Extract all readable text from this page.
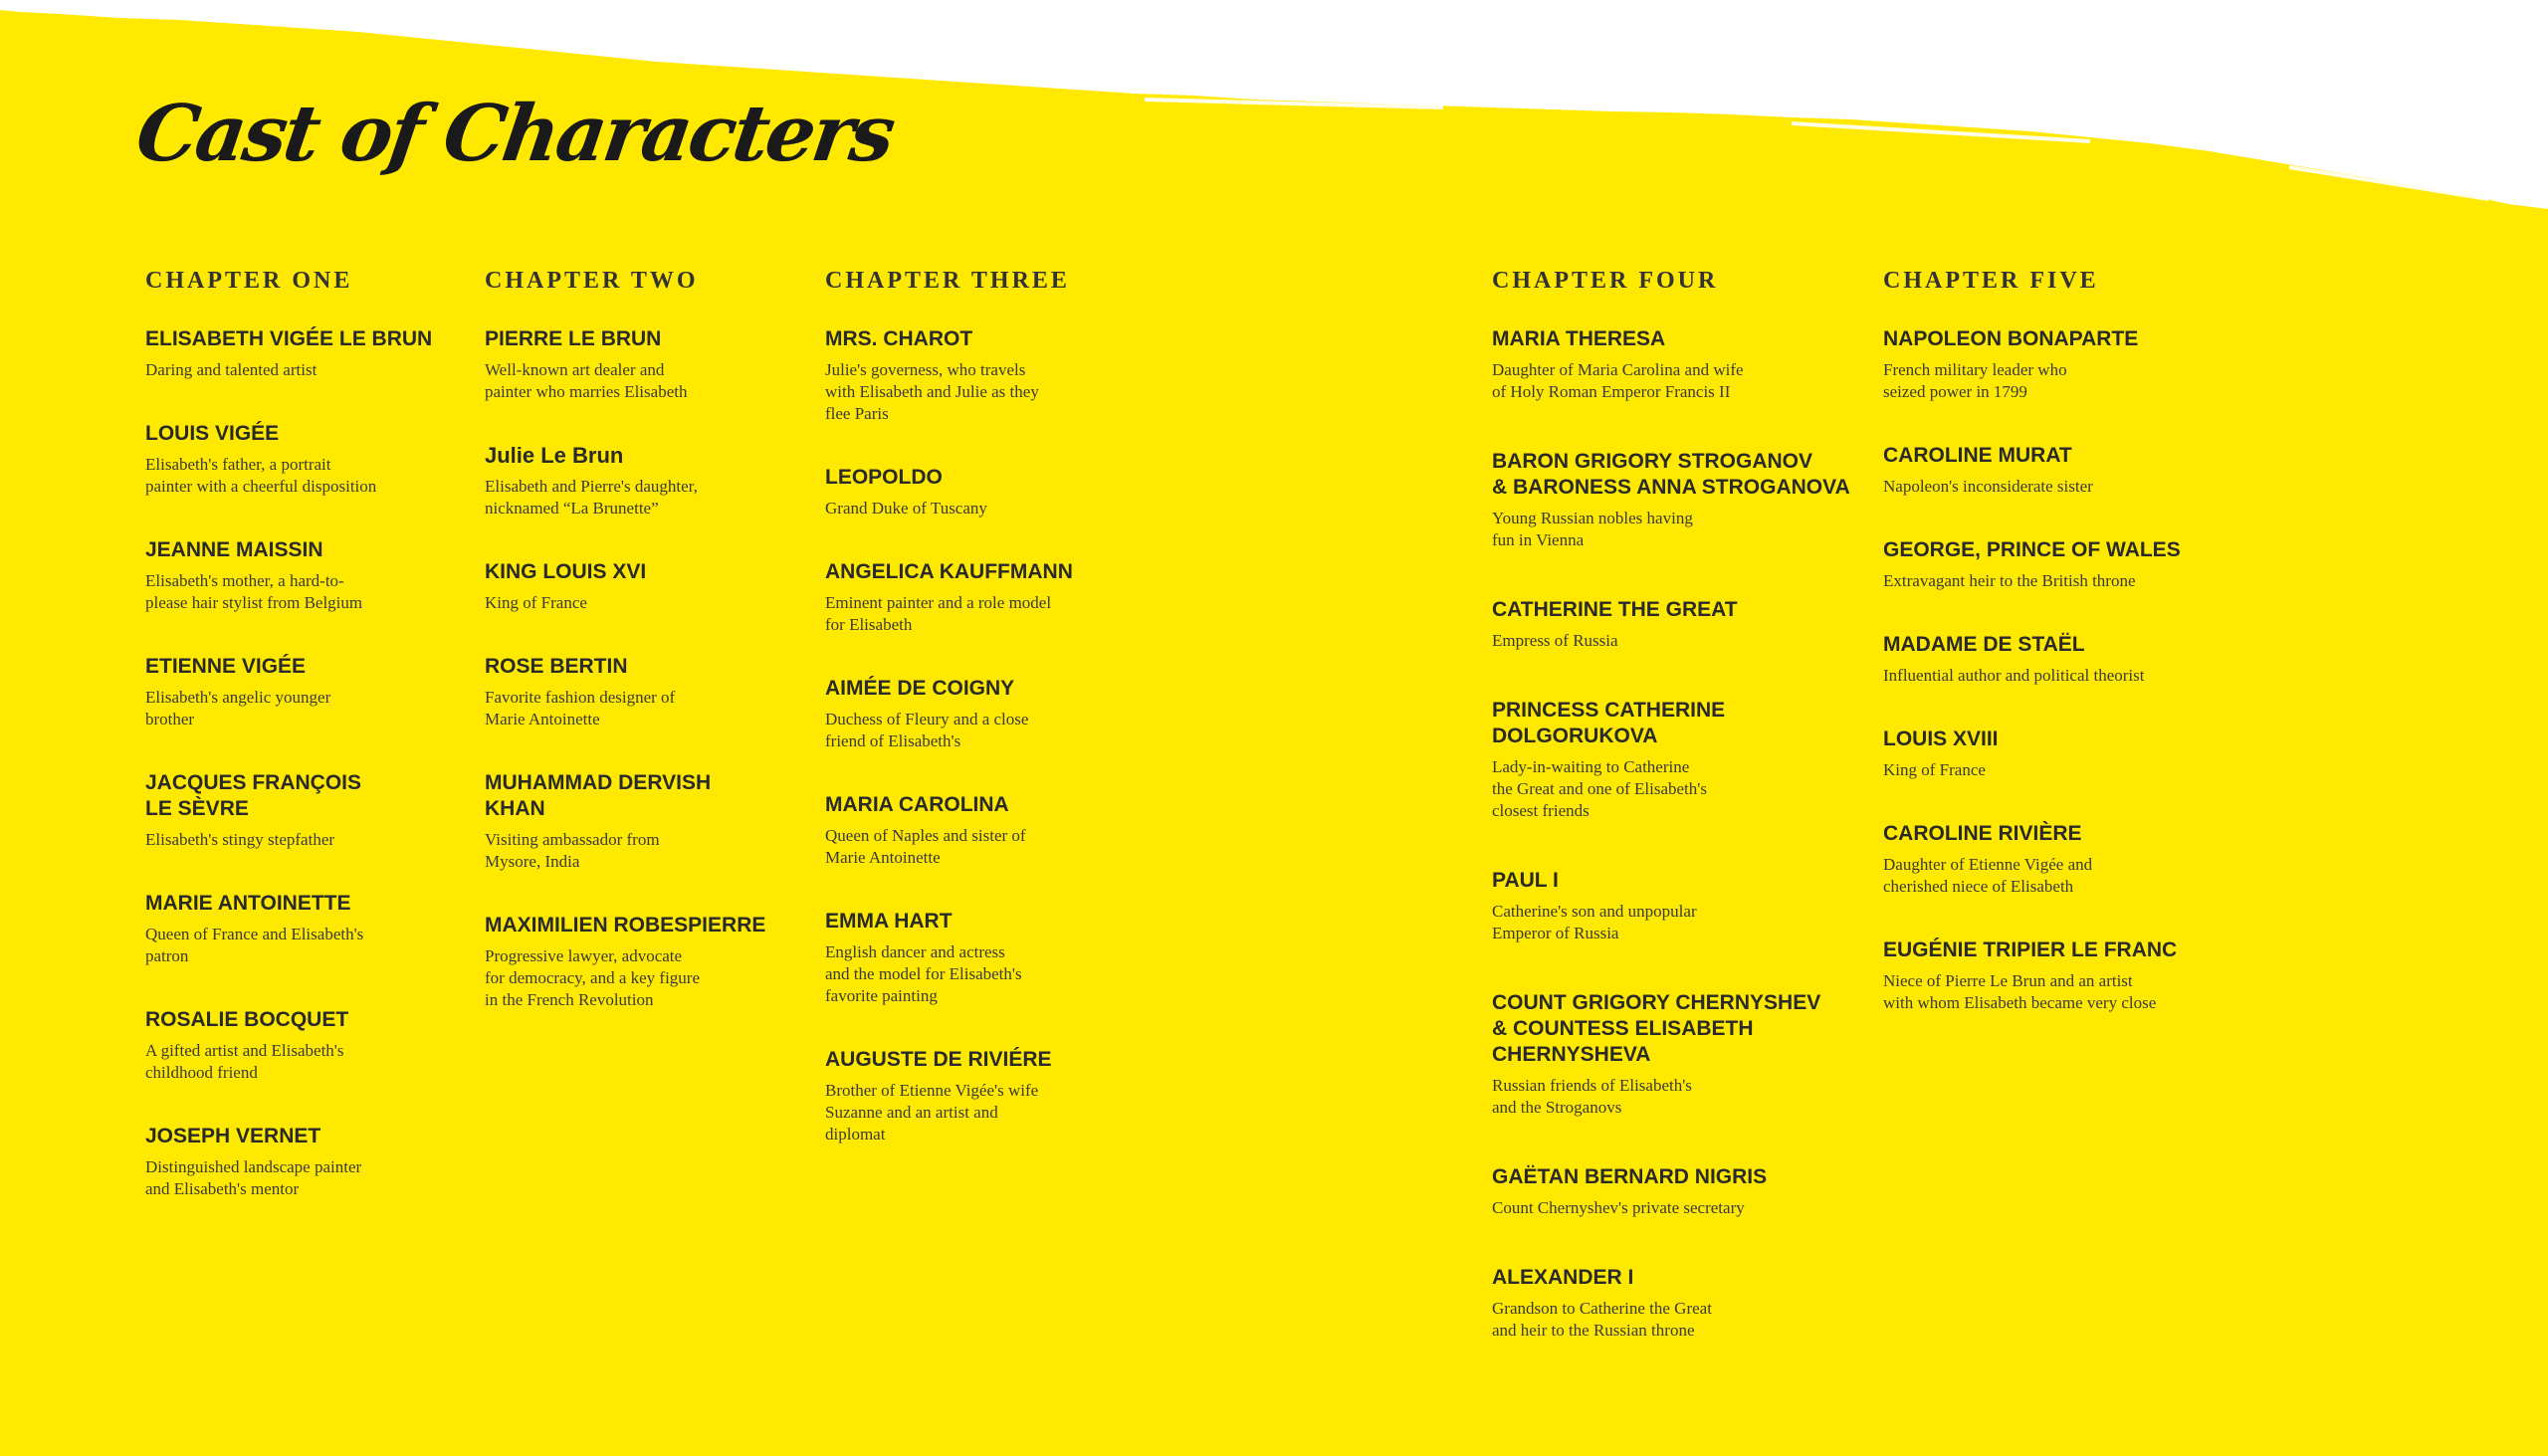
Cast of Characters
CHAPTER ONE
ELISABETH VIGÉE LE BRUN
Daring and talented artist
LOUIS VIGÉE
Elisabeth's father, a portrait
painter with a cheerful disposition
JEANNE MAISSIN
Elisabeth's mother, a hard-to-
please hair stylist from Belgium
ETIENNE VIGÉE
Elisabeth's angelic younger
brother
JACQUES FRANÇOIS
LE SÈVRE
Elisabeth's stingy stepfather
MARIE ANTOINETTE
Queen of France and Elisabeth's
patron
ROSALIE BOCQUET
A gifted artist and Elisabeth's
childhood friend
JOSEPH VERNET
Distinguished landscape painter
and Elisabeth's mentor
CHAPTER TWO
PIERRE LE BRUN
Well-known art dealer and
painter who marries Elisabeth
Julie Le Brun
Elisabeth and Pierre's daughter,
nicknamed “La Brunette”
KING LOUIS XVI
King of France
ROSE BERTIN
Favorite fashion designer of
Marie Antoinette
MUHAMMAD DERVISH
KHAN
Visiting ambassador from
Mysore, India
MAXIMILIEN ROBESPIERRE
Progressive lawyer, advocate
for democracy, and a key figure
in the French Revolution
CHAPTER THREE
MRS. CHAROT
Julie's governess, who travels
with Elisabeth and Julie as they
flee Paris
LEOPOLDO
Grand Duke of Tuscany
ANGELICA KAUFFMANN
Eminent painter and a role model
for Elisabeth
AIMÉE DE COIGNY
Duchess of Fleury and a close
friend of Elisabeth's
MARIA CAROLINA
Queen of Naples and sister of
Marie Antoinette
EMMA HART
English dancer and actress
and the model for Elisabeth's
favorite painting
AUGUSTE DE RIVIÉRE
Brother of Etienne Vigée's wife
Suzanne and an artist and
diplomat
CHAPTER FOUR
MARIA THERESA
Daughter of Maria Carolina and wife
of Holy Roman Emperor Francis II
BARON GRIGORY STROGANOV
& BARONESS ANNA STROGANOVA
Young Russian nobles having
fun in Vienna
CATHERINE THE GREAT
Empress of Russia
PRINCESS CATHERINE
DOLGORUKOVA
Lady-in-waiting to Catherine
the Great and one of Elisabeth's
closest friends
PAUL I
Catherine's son and unpopular
Emperor of Russia
COUNT GRIGORY CHERNYSHEV
& COUNTESS ELISABETH
CHERNYSHEVA
Russian friends of Elisabeth's
and the Stroganovs
GAËTAN BERNARD NIGRIS
Count Chernyshev's private secretary
ALEXANDER I
Grandson to Catherine the Great
and heir to the Russian throne
CHAPTER FIVE
NAPOLEON BONAPARTE
French military leader who
seized power in 1799
CAROLINE MURAT
Napoleon's inconsiderate sister
GEORGE, PRINCE OF WALES
Extravagant heir to the British throne
MADAME DE STAËL
Influential author and political theorist
LOUIS XVIII
King of France
CAROLINE RIVIÈRE
Daughter of Etienne Vigée and
cherished niece of Elisabeth
EUGÉNIE TRIPIER LE FRANC
Niece of Pierre Le Brun and an artist
with whom Elisabeth became very close
